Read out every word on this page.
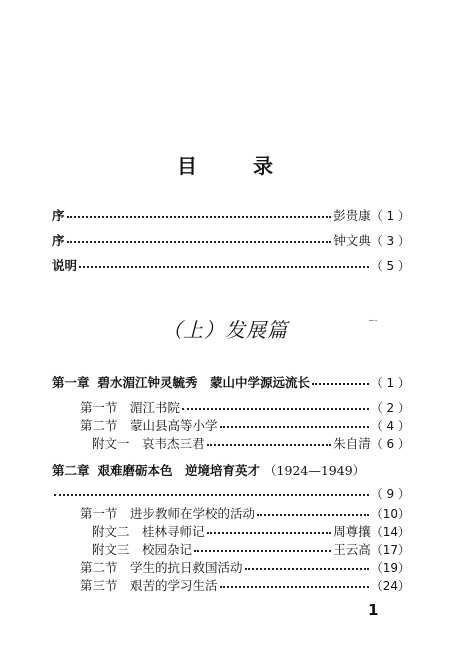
目 录
序	彭贵康 （ 1 ）
序	钟文典 （ 3 ）
说明	（ 5 ）
（上）发展篇	~-
第一章 碧水湄江钟灵毓秀　蒙山中学源远流长	（ 1 ）
第一节　湄江书院	（ 2 ）
第二节　蒙山县高等小学	（ 4 ）
附文一　哀韦杰三君	朱自清 （ 6 ）
第二章 艰难磨砺本色　逆境培育英才 （1924—1949）
（ 9 ）
第一节　进步教师在学校的活动	（10）
附文二　桂林寻师记	周尊攘 （14）
附文三　校园杂记	王云高 （17）
第二节　学生的抗日救国活动	（19）
第三节　艰苦的学习生活	（24）
1
